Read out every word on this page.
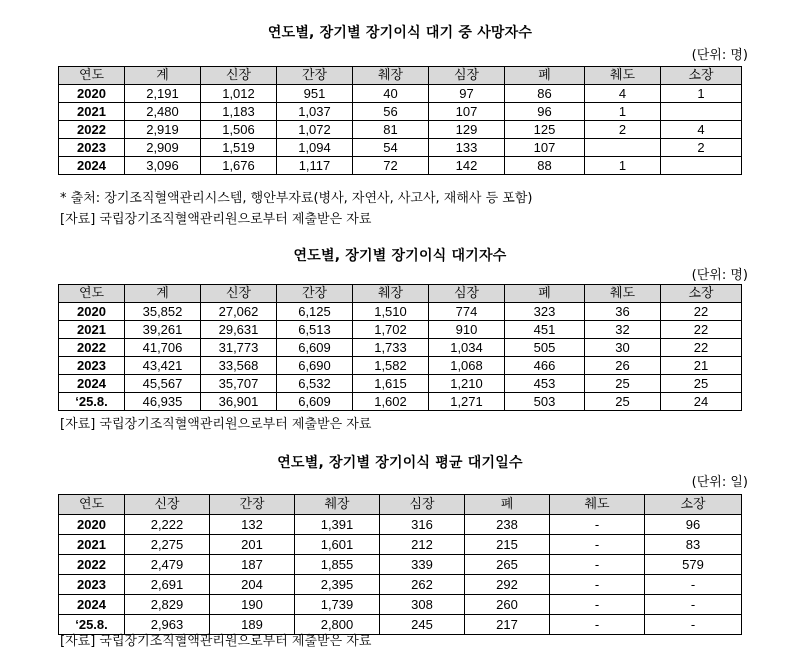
연도별, 장기별 장기이식 대기 중 사망자수
(단위: 명)
연도	계	신장	간장	췌장	심장	폐	췌도	소장
2020	2,191	1,012	951	40	97	86	4	1
2021	2,480	1,183	1,037	56	107	96	1	
2022	2,919	1,506	1,072	81	129	125	2	4
2023	2,909	1,519	1,094	54	133	107		2
2024	3,096	1,676	1,117	72	142	88	1	
* 출처: 장기조직혈액관리시스템, 행안부자료(병사, 자연사, 사고사, 재해사 등 포함)
[자료] 국립장기조직혈액관리원으로부터 제출받은 자료
연도별, 장기별 장기이식 대기자수
(단위: 명)
연도	계	신장	간장	췌장	심장	폐	췌도	소장
2020	35,852	27,062	6,125	1,510	774	323	36	22
2021	39,261	29,631	6,513	1,702	910	451	32	22
2022	41,706	31,773	6,609	1,733	1,034	505	30	22
2023	43,421	33,568	6,690	1,582	1,068	466	26	21
2024	45,567	35,707	6,532	1,615	1,210	453	25	25
‘25.8.	46,935	36,901	6,609	1,602	1,271	503	25	24
[자료] 국립장기조직혈액관리원으로부터 제출받은 자료
연도별, 장기별 장기이식 평균 대기일수
(단위: 일)
연도	신장	간장	췌장	심장	폐	췌도	소장
2020	2,222	132	1,391	316	238	-	96
2021	2,275	201	1,601	212	215	-	83
2022	2,479	187	1,855	339	265	-	579
2023	2,691	204	2,395	262	292	-	-
2024	2,829	190	1,739	308	260	-	-
‘25.8.	2,963	189	2,800	245	217	-	-
[자료] 국립장기조직혈액관리원으로부터 제출받은 자료
